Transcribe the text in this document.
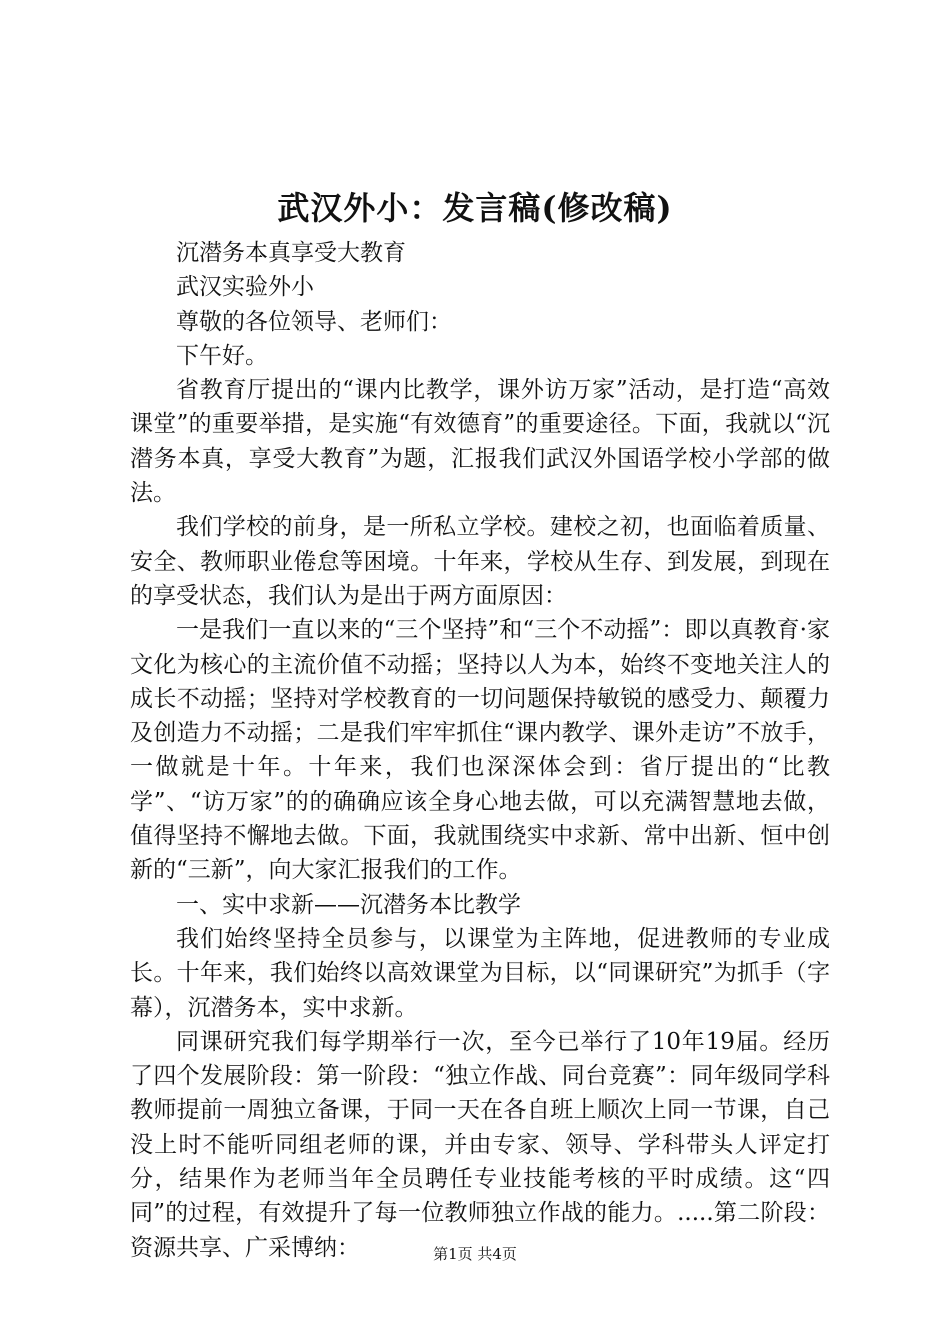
武汉外小：发言稿(修改稿)

沉潜务本真享受大教育

武汉实验外小

尊敬的各位领导、老师们：

下午好。

省教育厅提出的“课内比教学，课外访万家”活动，是打造“高效课堂”的重要举措，是实施“有效德育”的重要途径。下面，我就以“沉潜务本真，享受大教育”为题，汇报我们武汉外国语学校小学部的做法。

我们学校的前身，是一所私立学校。建校之初，也面临着质量、安全、教师职业倦怠等困境。十年来，学校从生存、到发展，到现在的享受状态，我们认为是出于两方面原因：

一是我们一直以来的“三个坚持”和“三个不动摇”：即以真教育·家文化为核心的主流价值不动摇；坚持以人为本，始终不变地关注人的成长不动摇；坚持对学校教育的一切问题保持敏锐的感受力、颠覆力及创造力不动摇；二是我们牢牢抓住“课内教学、课外走访”不放手，一做就是十年。十年来，我们也深深体会到：省厅提出的“比教学”、“访万家”的的确确应该全身心地去做，可以充满智慧地去做，值得坚持不懈地去做。下面，我就围绕实中求新、常中出新、恒中创新的“三新”，向大家汇报我们的工作。

一、实中求新——沉潜务本比教学

我们始终坚持全员参与，以课堂为主阵地，促进教师的专业成长。十年来，我们始终以高效课堂为目标，以“同课研究”为抓手（字幕），沉潜务本，实中求新。

同课研究我们每学期举行一次，至今已举行了10年19届。经历了四个发展阶段：第一阶段：“独立作战、同台竞赛”：同年级同学科教师提前一周独立备课，于同一天在各自班上顺次上同一节课，自己没上时不能听同组老师的课，并由专家、领导、学科带头人评定打分，结果作为老师当年全员聘任专业技能考核的平时成绩。这“四同”的过程，有效提升了每一位教师独立作战的能力。.....第二阶段：资源共享、广采博纳：	第1页 共4页
